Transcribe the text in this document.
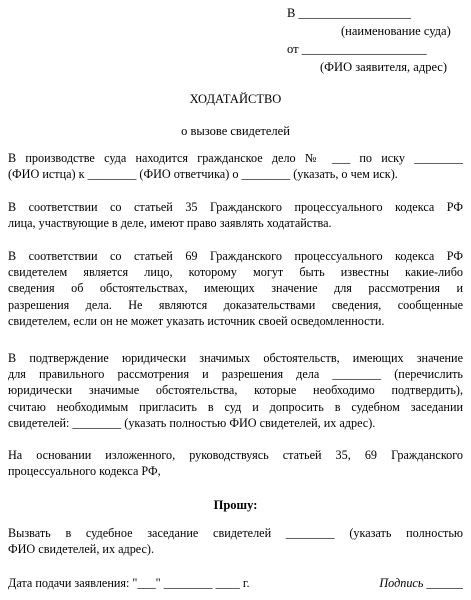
В __________________
(наименование суда)
от ____________________
(ФИО заявителя, адрес)
ХОДАТАЙСТВО
о вызове свидетелей
В производстве суда находится гражданское дело № ___ по иску ________
(ФИО истца) к ________ (ФИО ответчика) о ________ (указать, о чем иск).
В соответствии со статьей 35 Гражданского процессуального кодекса РФ
лица, участвующие в деле, имеют право заявлять ходатайства.
В соответствии со статьей 69 Гражданского процессуального кодекса РФ
свидетелем является лицо, которому могут быть известны какие-либо
сведения об обстоятельствах, имеющих значение для рассмотрения и
разрешения дела. Не являются доказательствами сведения, сообщенные
свидетелем, если он не может указать источник своей осведомленности.
В подтверждение юридически значимых обстоятельств, имеющих значение
для правильного рассмотрения и разрешения дела ________ (перечислить
юридически значимые обстоятельства, которые необходимо подтвердить),
считаю необходимым пригласить в суд и допросить в судебном заседании
свидетелей: ________ (указать полностью ФИО свидетелей, их адрес).
На основании изложенного, руководствуясь статьей 35, 69 Гражданского
процессуального кодекса РФ,
Прошу:
Вызвать в судебное заседание свидетелей ________ (указать полностью
ФИО свидетелей, их адрес).
Дата подачи заявления: "___" ________ ____ г.	Подпись ______
